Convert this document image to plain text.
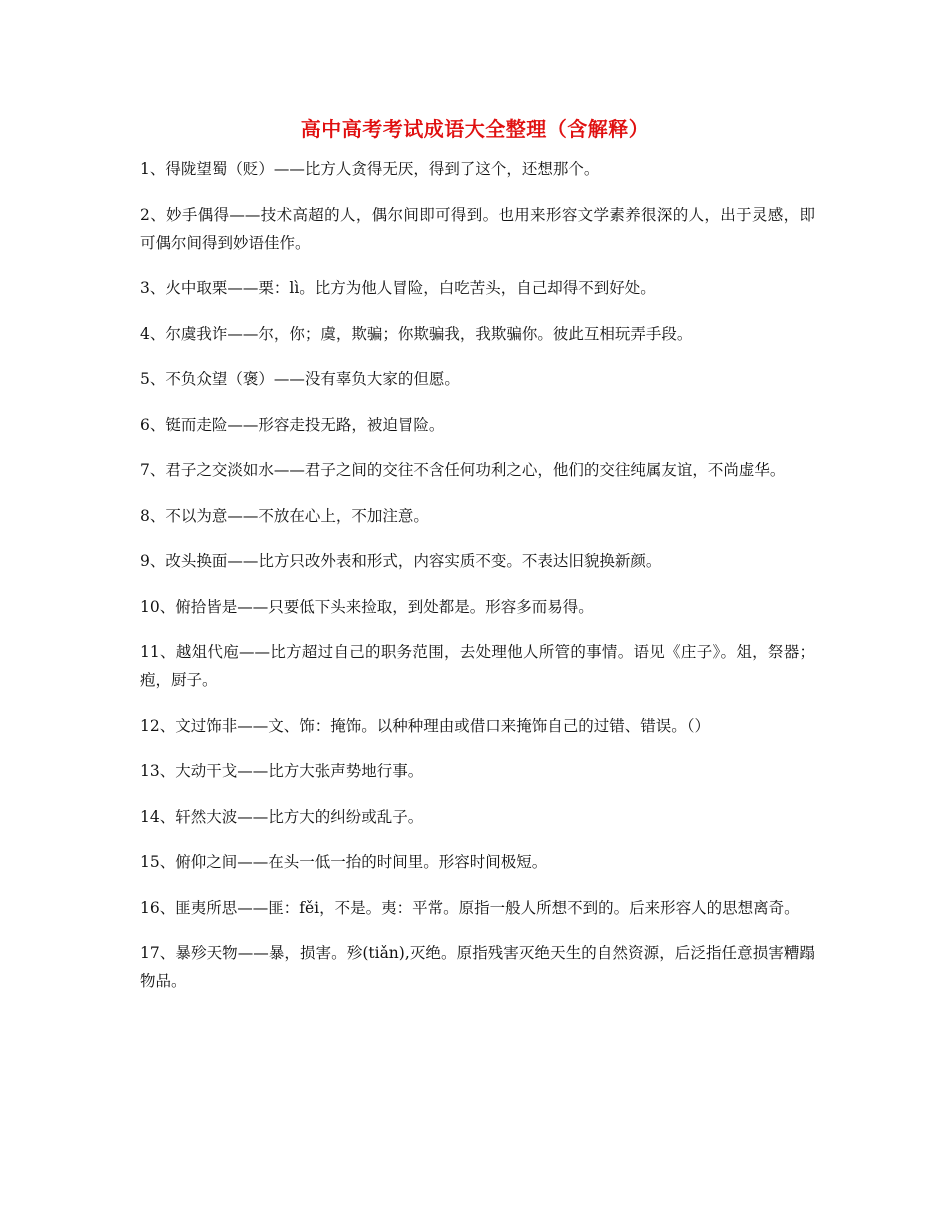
高中高考考试成语大全整理（含解释）

1、得陇望蜀（贬）——比方人贪得无厌，得到了这个，还想那个。

2、妙手偶得——技术高超的人，偶尔间即可得到。也用来形容文学素养很深的人，出于灵感，即可偶尔间得到妙语佳作。

3、火中取栗——栗：lì。比方为他人冒险，白吃苦头，自己却得不到好处。

4、尔虞我诈——尔，你；虞，欺骗；你欺骗我，我欺骗你。彼此互相玩弄手段。

5、不负众望（褒）——没有辜负大家的但愿。

6、铤而走险——形容走投无路，被迫冒险。

7、君子之交淡如水——君子之间的交往不含任何功利之心，他们的交往纯属友谊，不尚虚华。

8、不以为意——不放在心上，不加注意。

9、改头换面——比方只改外表和形式，内容实质不变。不表达旧貌换新颜。

10、俯拾皆是——只要低下头来捡取，到处都是。形容多而易得。

11、越俎代庖——比方超过自己的职务范围，去处理他人所管的事情。语见《庄子》。俎，祭器；疱，厨子。

12、文过饰非——文、饰：掩饰。以种种理由或借口来掩饰自己的过错、错误。（）

13、大动干戈——比方大张声势地行事。

14、轩然大波——比方大的纠纷或乱子。

15、俯仰之间——在头一低一抬的时间里。形容时间极短。

16、匪夷所思——匪：fěi，不是。夷：平常。原指一般人所想不到的。后来形容人的思想离奇。

17、暴殄天物——暴，损害。殄(tiǎn),灭绝。原指残害灭绝天生的自然资源，后泛指任意损害糟蹋物品。
